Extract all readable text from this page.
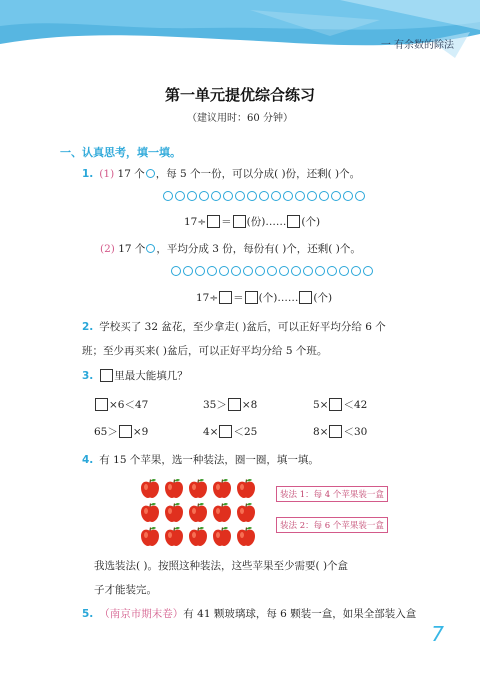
一 有余数的除法
第一单元提优综合练习
（建议用时：60 分钟）
一、认真思考，填一填。
1. (1) 17 个 ，每 5 个一份，可以分成( )份，还剩( )个。
17÷ ＝ (份)…… (个)
(2) 17 个 ，平均分成 3 份，每份有( )个，还剩( )个。
17÷ ＝ (个)…… (个)
2. 学校买了 32 盆花，至少拿走( )盆后，可以正好平均分给 6 个
班；至少再买来( )盆后，可以正好平均分给 5 个班。
3. 里最大能填几？
×6＜47	35＞ ×8	5× ＜42
65＞ ×9	4× ＜25	8× ＜30
4. 有 15 个苹果，选一种装法，圈一圈，填一填。
装法 1：每 4 个苹果装一盒
装法 2：每 6 个苹果装一盒
我选装法( )。按照这种装法，这些苹果至少需要( )个盒
子才能装完。
5. （南京市期末卷）有 41 颗玻璃球，每 6 颗装一盒，如果全部装入盒
7
